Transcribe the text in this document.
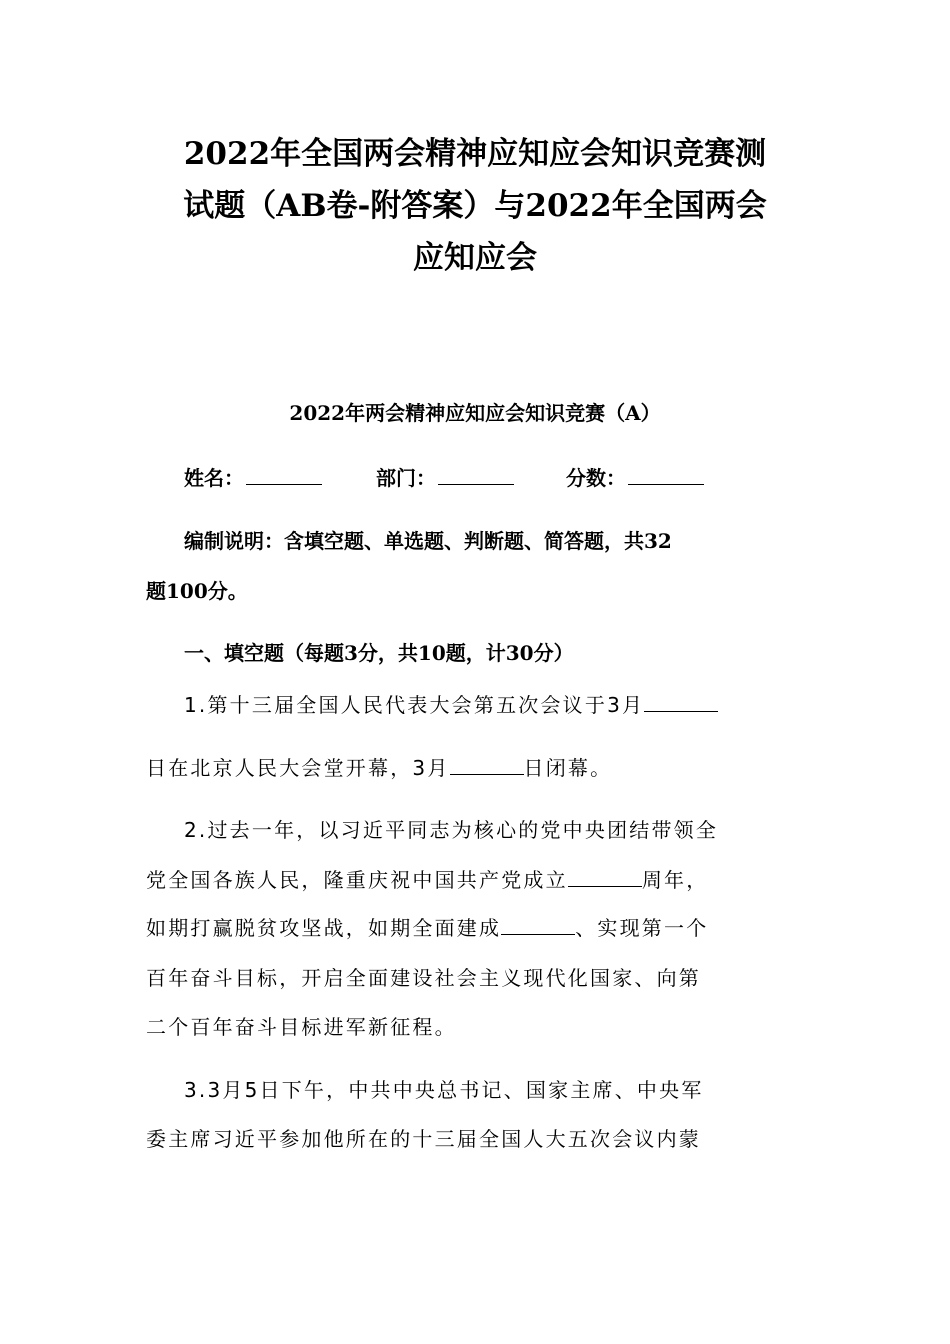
2022年全国两会精神应知应会知识竞赛测
试题（AB卷-附答案）与2022年全国两会
应知应会
2022年两会精神应知应会知识竞赛（A）
姓名：	部门：	分数：
编制说明：含填空题、单选题、判断题、简答题，共32
题100分。
一、填空题（每题3分，共10题，计30分）

1.第十三届全国人民代表大会第五次会议于3月

日在北京人民大会堂开幕，3月	日闭幕。

2.过去一年，以习近平同志为核心的党中央团结带领全

党全国各族人民，隆重庆祝中国共产党成立	周年，

如期打赢脱贫攻坚战，如期全面建成	、实现第一个

百年奋斗目标，开启全面建设社会主义现代化国家、向第

二个百年奋斗目标进军新征程。

3.3月5日下午，中共中央总书记、国家主席、中央军

委主席习近平参加他所在的十三届全国人大五次会议内蒙
